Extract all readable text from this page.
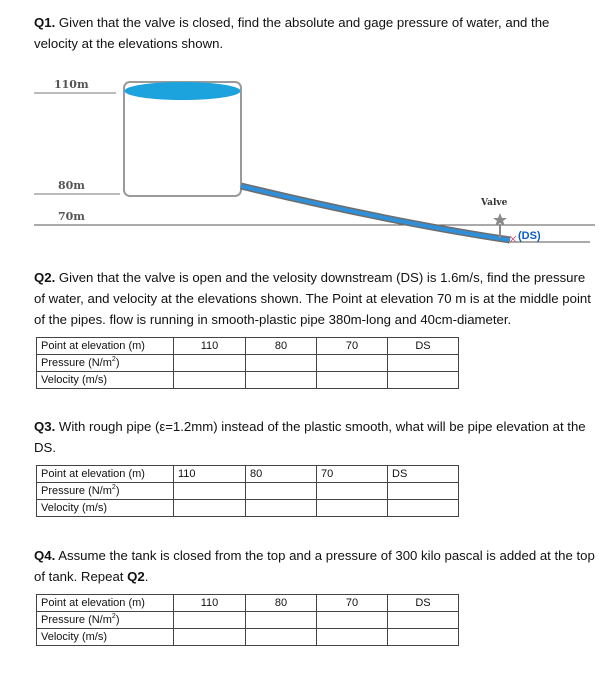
Q1. Given that the valve is closed, find the absolute and gage pressure of water, and the velocity at the elevations shown.
110m
80m
70m
Valve
(DS)
Q2. Given that the valve is open and the velosity downstream (DS) is 1.6m/s, find the pressure of water, and velocity at the elevations shown. The Point at elevation 70 m is at the middle point of the pipes. flow is running in smooth-plastic pipe 380m-long and 40cm-diameter.
Point at elevation (m)	110	80	70	DS
Pressure $(N/m^2)$				
Velocity (m/s)				
Q3. With rough pipe (ε=1.2mm) instead of the plastic smooth, what will be pipe elevation at the DS.
Point at elevation (m)	110	80	70	DS
Pressure $(N/m^2)$				
Velocity (m/s)				
Q4. Assume the tank is closed from the top and a pressure of 300 kilo pascal is added at the top of tank. Repeat Q2.
Point at elevation (m)	110	80	70	DS
Pressure $(N/m^2)$				
Velocity (m/s)				
